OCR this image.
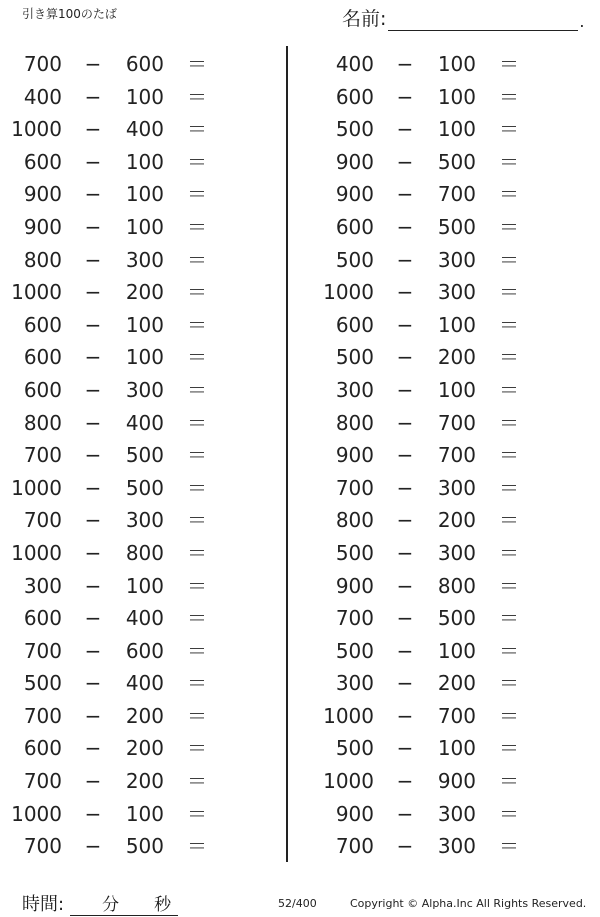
引き算100のたば	名前:	.
700 − 600 ＝
400 − 100 ＝
1000 − 400 ＝
600 − 100 ＝
900 − 100 ＝
900 − 100 ＝
800 − 300 ＝
1000 − 200 ＝
600 − 100 ＝
600 − 100 ＝
600 − 300 ＝
800 − 400 ＝
700 − 500 ＝
1000 − 500 ＝
700 − 300 ＝
1000 − 800 ＝
300 − 100 ＝
600 − 400 ＝
700 − 600 ＝
500 − 400 ＝
700 − 200 ＝
600 − 200 ＝
700 − 200 ＝
1000 − 100 ＝
700 − 500 ＝
400 − 100 ＝
600 − 100 ＝
500 − 100 ＝
900 − 500 ＝
900 − 700 ＝
600 − 500 ＝
500 − 300 ＝
1000 − 300 ＝
600 − 100 ＝
500 − 200 ＝
300 − 100 ＝
800 − 700 ＝
900 − 700 ＝
700 − 300 ＝
800 − 200 ＝
500 − 300 ＝
900 − 800 ＝
700 − 500 ＝
500 − 100 ＝
300 − 200 ＝
1000 − 700 ＝
500 − 100 ＝
1000 − 900 ＝
900 − 300 ＝
700 − 300 ＝
時間: 分 秒	52/400	Copyright © Alpha.Inc All Rights Reserved.
